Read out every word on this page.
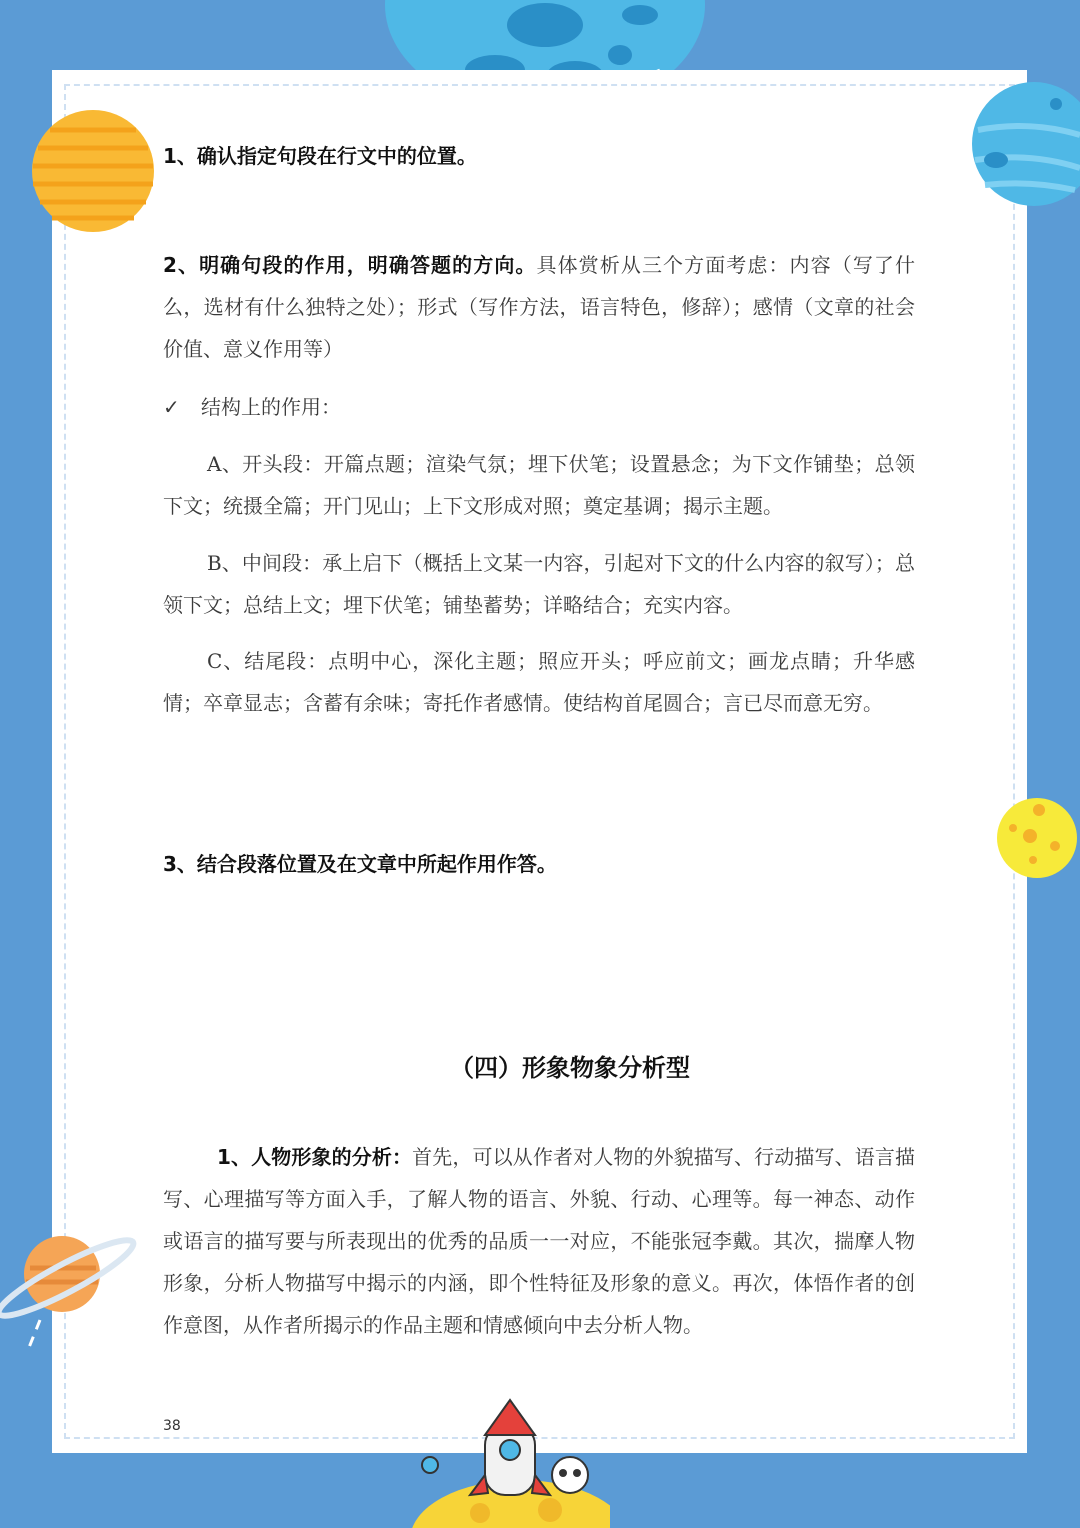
1、确认指定句段在行文中的位置。
2、明确句段的作用，明确答题的方向。具体赏析从三个方面考虑：内容（写了什么，选材有什么独特之处）；形式（写作方法，语言特色，修辞）；感情（文章的社会价值、意义作用等）
✓ 结构上的作用：
A、开头段：开篇点题；渲染气氛；埋下伏笔；设置悬念；为下文作铺垫；总领下文；统摄全篇；开门见山；上下文形成对照；奠定基调；揭示主题。
B、中间段：承上启下（概括上文某一内容，引起对下文的什么内容的叙写）；总领下文；总结上文；埋下伏笔；铺垫蓄势；详略结合；充实内容。
C、结尾段：点明中心，深化主题；照应开头；呼应前文；画龙点睛；升华感情；卒章显志；含蓄有余味；寄托作者感情。使结构首尾圆合；言已尽而意无穷。
3、结合段落位置及在文章中所起作用作答。
（四）形象物象分析型
1、人物形象的分析：首先，可以从作者对人物的外貌描写、行动描写、语言描写、心理描写等方面入手，了解人物的语言、外貌、行动、心理等。每一神态、动作或语言的描写要与所表现出的优秀的品质一一对应，不能张冠李戴。其次，揣摩人物形象，分析人物描写中揭示的内涵，即个性特征及形象的意义。再次，体悟作者的创作意图，从作者所揭示的作品主题和情感倾向中去分析人物。
38
